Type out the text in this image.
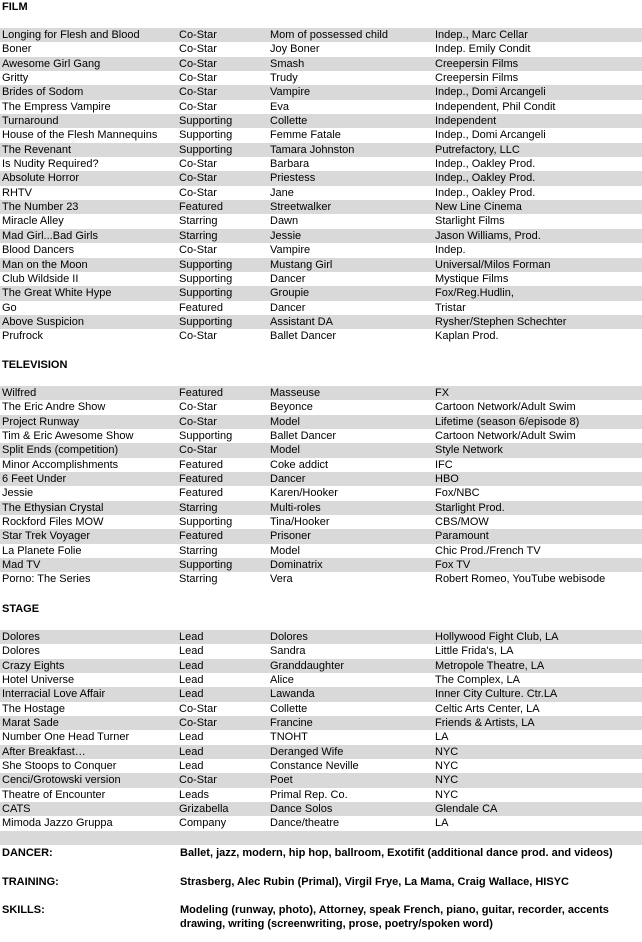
FILM
Longing for Flesh and Blood	Co-Star	Mom of possessed child	Indep., Marc Cellar
Boner	Co-Star	Joy Boner	Indep. Emily Condit
Awesome Girl Gang	Co-Star	Smash	Creepersin Films
Gritty	Co-Star	Trudy	Creepersin Films
Brides of Sodom	Co-Star	Vampire	Indep., Domi Arcangeli
The Empress Vampire	Co-Star	Eva	Independent, Phil Condit
Turnaround	Supporting	Collette	Independent
House of the Flesh Mannequins	Supporting	Femme Fatale	Indep., Domi Arcangeli
The Revenant	Supporting	Tamara Johnston	Putrefactory, LLC
Is Nudity Required?	Co-Star	Barbara	Indep., Oakley Prod.
Absolute Horror	Co-Star	Priestess	Indep., Oakley Prod.
RHTV	Co-Star	Jane	Indep., Oakley Prod.
The Number 23	Featured	Streetwalker	New Line Cinema
Miracle Alley	Starring	Dawn	Starlight Films
Mad Girl...Bad Girls	Starring	Jessie	Jason Williams, Prod.
Blood Dancers	Co-Star	Vampire	Indep.
Man on the Moon	Supporting	Mustang Girl	Universal/Milos Forman
Club Wildside II	Supporting	Dancer	Mystique Films
The Great White Hype	Supporting	Groupie	Fox/Reg.Hudlin,
Go	Featured	Dancer	Tristar
Above Suspicion	Supporting	Assistant DA	Rysher/Stephen Schechter
Prufrock	Co-Star	Ballet Dancer	Kaplan Prod.
TELEVISION
Wilfred	Featured	Masseuse	FX
The Eric Andre Show	Co-Star	Beyonce	Cartoon Network/Adult Swim
Project Runway	Co-Star	Model	Lifetime (season 6/episode 8)
Tim & Eric Awesome Show	Supporting	Ballet Dancer	Cartoon Network/Adult Swim
Split Ends (competition)	Co-Star	Model	Style Network
Minor Accomplishments	Featured	Coke addict	IFC
6 Feet Under	Featured	Dancer	HBO
Jessie	Featured	Karen/Hooker	Fox/NBC
The Ethysian Crystal	Starring	Multi-roles	Starlight Prod.
Rockford Files MOW	Supporting	Tina/Hooker	CBS/MOW
Star Trek Voyager	Featured	Prisoner	Paramount
La Planete Folie	Starring	Model	Chic Prod./French TV
Mad TV	Supporting	Dominatrix	Fox TV
Porno: The Series	Starring	Vera	Robert Romeo, YouTube webisode
STAGE
Dolores	Lead	Dolores	Hollywood Fight Club, LA
Dolores	Lead	Sandra	Little Frida's, LA
Crazy Eights	Lead	Granddaughter	Metropole Theatre, LA
Hotel Universe	Lead	Alice	The Complex, LA
Interracial Love Affair	Lead	Lawanda	Inner City Culture. Ctr.LA
The Hostage	Co-Star	Collette	Celtic Arts Center, LA
Marat Sade	Co-Star	Francine	Friends & Artists, LA
Number One Head Turner	Lead	TNOHT	LA
After Breakfast…	Lead	Deranged Wife	NYC
She Stoops to Conquer	Lead	Constance Neville	NYC
Cenci/Grotowski version	Co-Star	Poet	NYC
Theatre of Encounter	Leads	Primal Rep. Co.	NYC
CATS	Grizabella	Dance Solos	Glendale CA
Mimoda Jazzo Gruppa	Company	Dance/theatre	LA
DANCER:	Ballet, jazz, modern, hip hop, ballroom, Exotifit (additional dance prod. and videos)
TRAINING:	Strasberg, Alec Rubin (Primal), Virgil Frye, La Mama, Craig Wallace, HISYC
SKILLS:	Modeling (runway, photo), Attorney, speak French, piano, guitar, recorder, accents drawing, writing (screenwriting, prose, poetry/spoken word)
